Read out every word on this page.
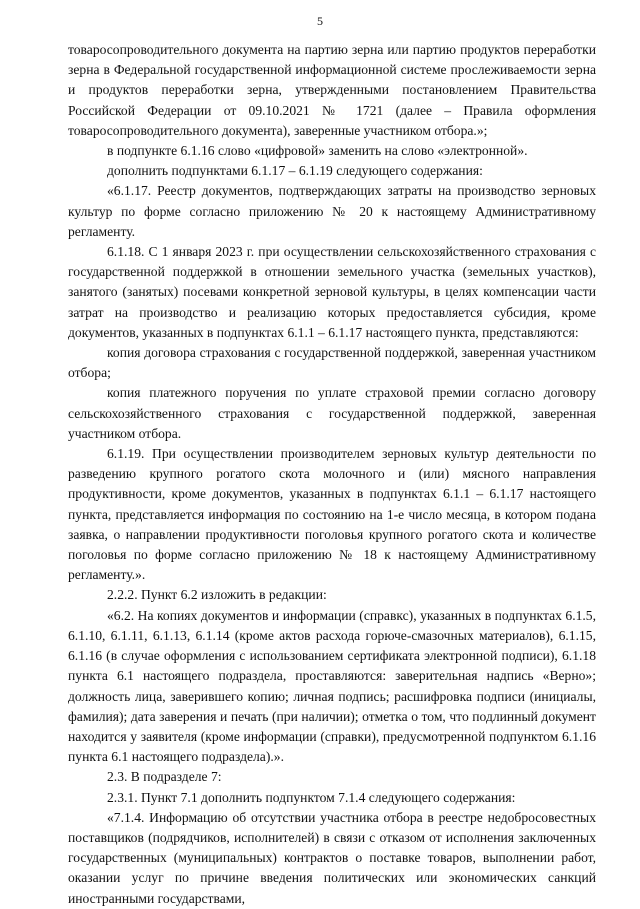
5

товаросопроводительного документа на партию зерна или партию продуктов переработки зерна в Федеральной государственной информационной системе прослеживаемости зерна и продуктов переработки зерна, утвержденными постановлением Правительства Российской Федерации от 09.10.2021 № 1721 (далее – Правила оформления товаросопроводительного документа), заверенные участником отбора.»;

в подпункте 6.1.16 слово «цифровой» заменить на слово «электронной».

дополнить подпунктами 6.1.17 – 6.1.19 следующего содержания:

«6.1.17. Реестр документов, подтверждающих затраты на производство зерновых культур по форме согласно приложению № 20 к настоящему Административному регламенту.

6.1.18. С 1 января 2023 г. при осуществлении сельскохозяйственного страхования с государственной поддержкой в отношении земельного участка (земельных участков), занятого (занятых) посевами конкретной зерновой культуры, в целях компенсации части затрат на производство и реализацию которых предоставляется субсидия, кроме документов, указанных в подпунктах 6.1.1 – 6.1.17 настоящего пункта, представляются:

копия договора страхования с государственной поддержкой, заверенная участником отбора;

копия платежного поручения по уплате страховой премии согласно договору сельскохозяйственного страхования с государственной поддержкой, заверенная участником отбора.

6.1.19. При осуществлении производителем зерновых культур деятельности по разведению крупного рогатого скота молочного и (или) мясного направления продуктивности, кроме документов, указанных в подпунктах 6.1.1 – 6.1.17 настоящего пункта, представляется информация по состоянию на 1-е число месяца, в котором подана заявка, о направлении продуктивности поголовья крупного рогатого скота и количестве поголовья по форме согласно приложению № 18 к настоящему Административному регламенту.».

2.2.2. Пункт 6.2 изложить в редакции:

«6.2. На копиях документов и информации (справкс), указанных в подпунктах 6.1.5, 6.1.10, 6.1.11, 6.1.13, 6.1.14 (кроме актов расхода горюче-смазочных материалов), 6.1.15, 6.1.16 (в случае оформления с использованием сертификата электронной подписи), 6.1.18 пункта 6.1 настоящего подраздела, проставляются: заверительная надпись «Верно»; должность лица, заверившего копию; личная подпись; расшифровка подписи (инициалы, фамилия); дата заверения и печать (при наличии); отметка о том, что подлинный документ находится у заявителя (кроме информации (справки), предусмотренной подпунктом 6.1.16 пункта 6.1 настоящего подраздела).».

2.3. В подразделе 7:

2.3.1. Пункт 7.1 дополнить подпунктом 7.1.4 следующего содержания:

«7.1.4. Информацию об отсутствии участника отбора в реестре недобросовестных поставщиков (подрядчиков, исполнителей) в связи с отказом от исполнения заключенных государственных (муниципальных) контрактов о поставке товаров, выполнении работ, оказании услуг по причине введения политических или экономических санкций иностранными государствами,
